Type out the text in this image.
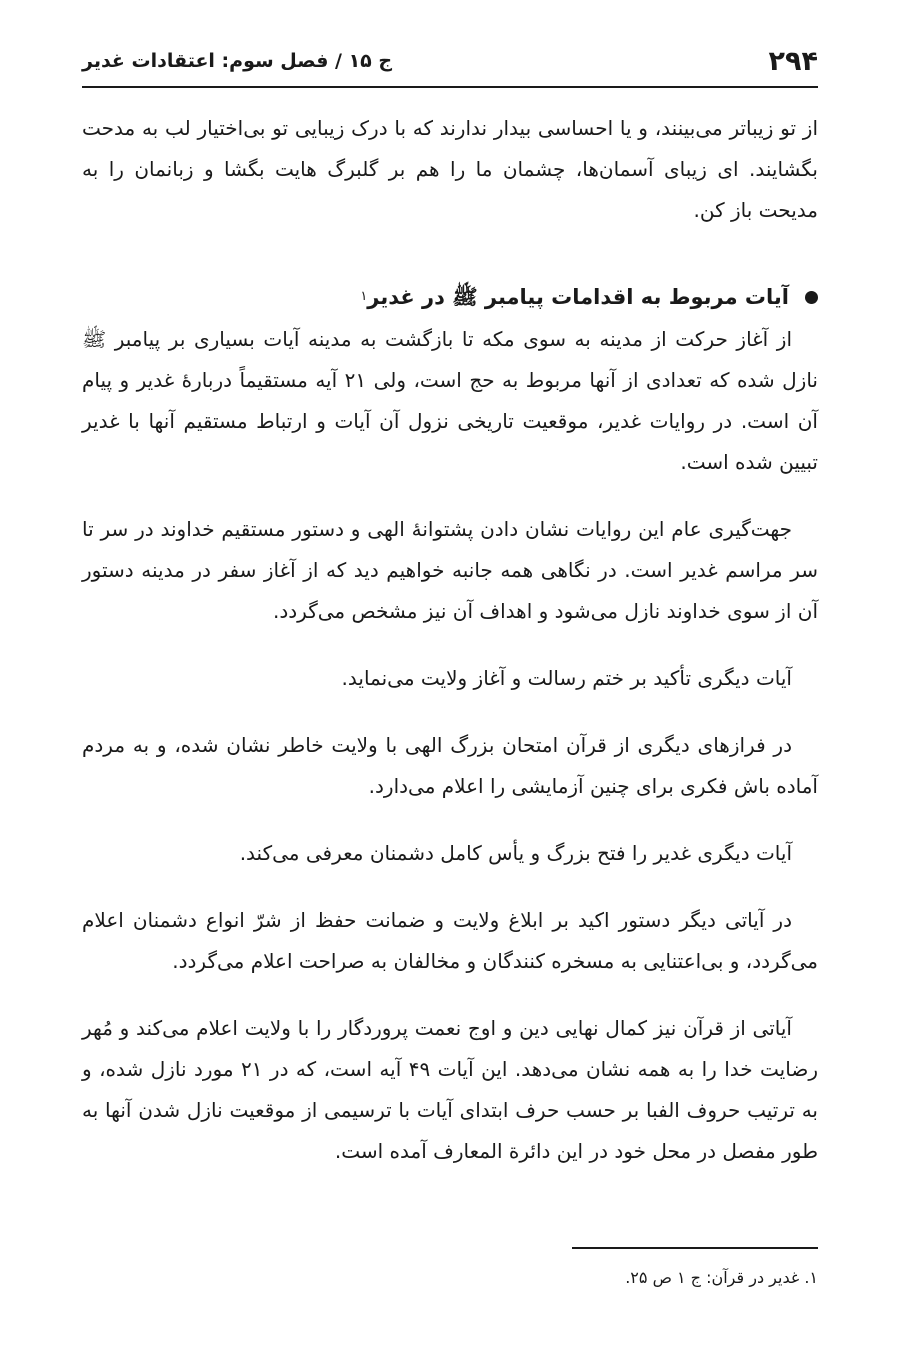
۲۹۴
ج ۱۵ / فصل سوم: اعتقادات غدیر

از تو زیباتر می‌بینند، و یا احساسی بیدار ندارند که با درک زیبایی تو بی‌اختیار لب به مدحت بگشایند. ای زیبای آسمان‌ها، چشمان ما را هم بر گلبرگ هایت بگشا و زبانمان را به مدیحت باز کن.

آیات مربوط به اقدامات پیامبر ﷺ در غدیر
۱

از آغاز حرکت از مدینه به سوی مکه تا بازگشت به مدینه آیات بسیاری بر پیامبر ﷺ نازل شده که تعدادی از آنها مربوط به حج است، ولی ۲۱ آیه مستقیماً دربارهٔ غدیر و پیام آن است. در روایات غدیر، موقعیت تاریخی نزول آن آیات و ارتباط مستقیم آنها با غدیر تبیین شده است.

جهت‌گیری عام این روایات نشان دادن پشتوانهٔ الهی و دستور مستقیم خداوند در سر تا سر مراسم غدیر است. در نگاهی همه جانبه خواهیم دید که از آغاز سفر در مدینه دستور آن از سوی خداوند نازل می‌شود و اهداف آن نیز مشخص می‌گردد.

آیات دیگری تأکید بر ختم رسالت و آغاز ولایت می‌نماید.

در فرازهای دیگری از قرآن امتحان بزرگ الهی با ولایت خاطر نشان شده، و به مردم آماده باش فکری برای چنین آزمایشی را اعلام می‌دارد.

آیات دیگری غدیر را فتح بزرگ و یأس کامل دشمنان معرفی می‌کند.

در آیاتی دیگر دستور اکید بر ابلاغ ولایت و ضمانت حفظ از شرّ انواع دشمنان اعلام می‌گردد، و بی‌اعتنایی به مسخره کنندگان و مخالفان به صراحت اعلام می‌گردد.

آیاتی از قرآن نیز کمال نهایی دین و اوج نعمت پروردگار را با ولایت اعلام می‌کند و مُهر رضایت خدا را به همه نشان می‌دهد. این آیات ۴۹ آیه است، که در ۲۱ مورد نازل شده، و به ترتیب حروف الفبا بر حسب حرف ابتدای آیات با ترسیمی از موقعیت نازل شدن آنها به طور مفصل در محل خود در این دائرة المعارف آمده است.

۱. غدیر در قرآن: ج ۱ ص ۲۵.
